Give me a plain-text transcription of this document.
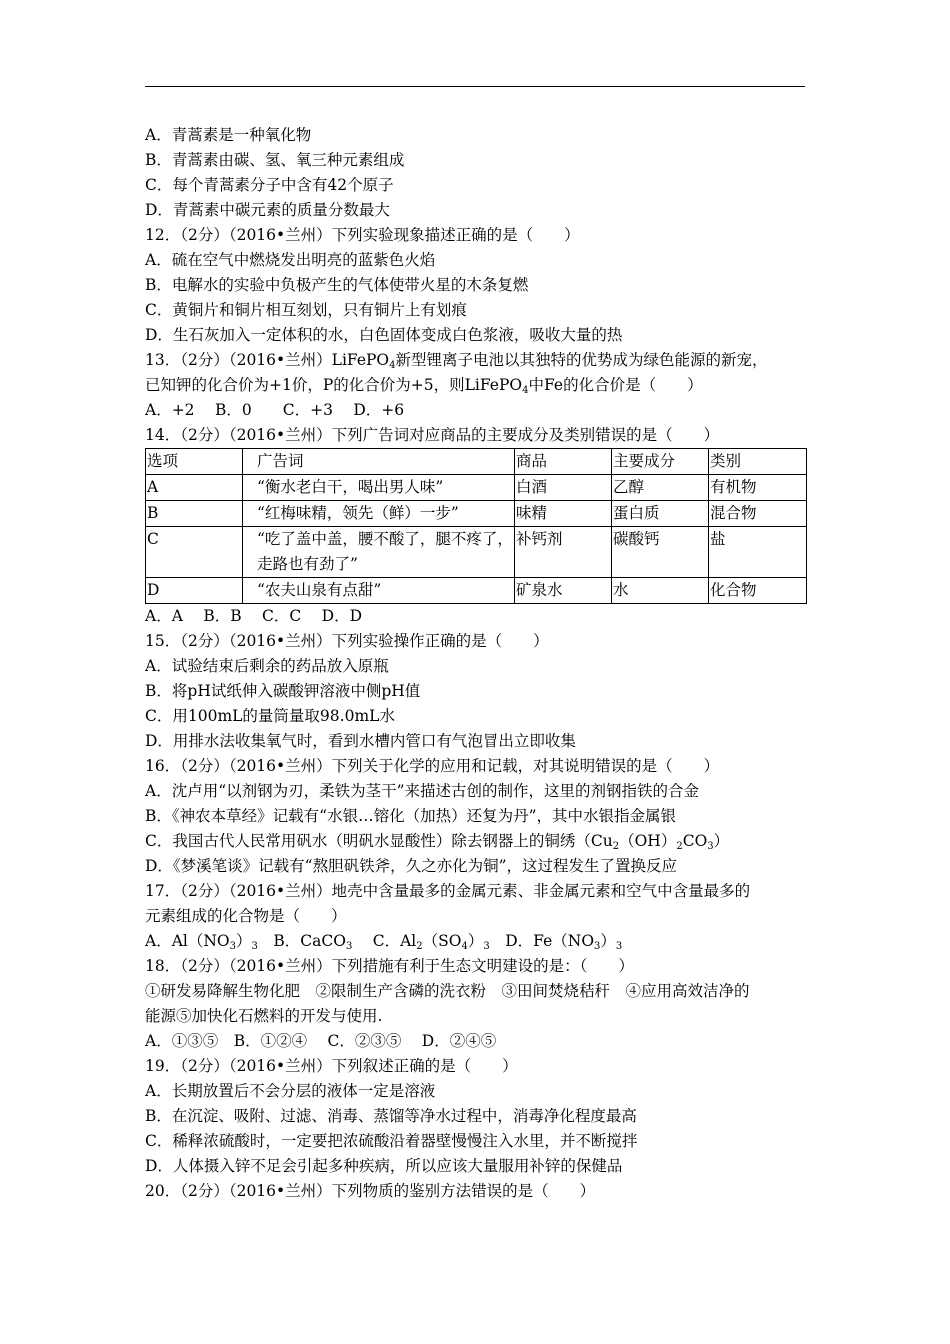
A．青蒿素是一种氧化物
B．青蒿素由碳、氢、氧三种元素组成
C．每个青蒿素分子中含有42个原子
D．青蒿素中碳元素的质量分数最大
12．（2分）（2016•兰州）下列实验现象描述正确的是（　　）
A．硫在空气中燃烧发出明亮的蓝紫色火焰
B．电解水的实验中负极产生的气体使带火星的木条复燃
C．黄铜片和铜片相互刻划，只有铜片上有划痕
D．生石灰加入一定体积的水，白色固体变成白色浆液，吸收大量的热
13．（2分）（2016•兰州）LiFePO$_4$新型锂离子电池以其独特的优势成为绿色能源的新宠，
已知钾的化合价为+1价，P的化合价为+5，则LiFePO$_4$中Fe的化合价是（　　）
A．+2　 B．0　　C．+3　 D．+6
14．（2分）（2016•兰州）下列广告词对应商品的主要成分及类别错误的是（　　）
选项	广告词	商品	主要成分	类别
A	“衡水老白干，喝出男人味”	白酒	乙醇	有机物
B	“红梅味精，领先（鲜）一步”	味精	蛋白质	混合物
C	“吃了盖中盖，腰不酸了，腿不疼了，走路也有劲了”	补钙剂	碳酸钙	盐
D	“农夫山泉有点甜”	矿泉水	水	化合物
A．A　 B．B　 C．C　 D．D
15．（2分）（2016•兰州）下列实验操作正确的是（　　）
A．试验结束后剩余的药品放入原瓶
B．将pH试纸伸入碳酸钾溶液中侧pH值
C．用100mL的量筒量取98.0mL水
D．用排水法收集氧气时，看到水槽内管口有气泡冒出立即收集
16．（2分）（2016•兰州）下列关于化学的应用和记载，对其说明错误的是（　　）
A．沈卢用“以剂钢为刃，柔铁为茎干”来描述古创的制作，这里的剂钢指铁的合金
B．《神农本草经》记载有“水银…镕化（加热）还复为丹”，其中水银指金属银
C．我国古代人民常用矾水（明矾水显酸性）除去钢器上的铜绣$(Cu_2(OH)_2CO_3)$
D．《梦溪笔谈》记载有“熬胆矾铁斧，久之亦化为铜”，这过程发生了置换反应
17．（2分）（2016•兰州）地壳中含量最多的金属元素、非金属元素和空气中含量最多的
元素组成的化合物是（　　）
A．$Al(NO_3)_3$　B．CaCO$_3$　 C．$Al_2(SO_4)_3$　D．$Fe(NO_3)_3$
18．（2分）（2016•兰州）下列措施有利于生态文明建设的是：（　　）
①研发易降解生物化肥　②限制生产含磷的洗衣粉　③田间焚烧秸秆　④应用高效洁净的
能源⑤加快化石燃料的开发与使用.
A．①③⑤　B．①②④　 C．②③⑤　 D．②④⑤
19．（2分）（2016•兰州）下列叙述正确的是（　　）
A．长期放置后不会分层的液体一定是溶液
B．在沉淀、吸附、过滤、消毒、蒸馏等净水过程中，消毒净化程度最高
C．稀释浓硫酸时，一定要把浓硫酸沿着器壁慢慢注入水里，并不断搅拌
D．人体摄入锌不足会引起多种疾病，所以应该大量服用补锌的保健品
20．（2分）（2016•兰州）下列物质的鉴别方法错误的是（　　）
